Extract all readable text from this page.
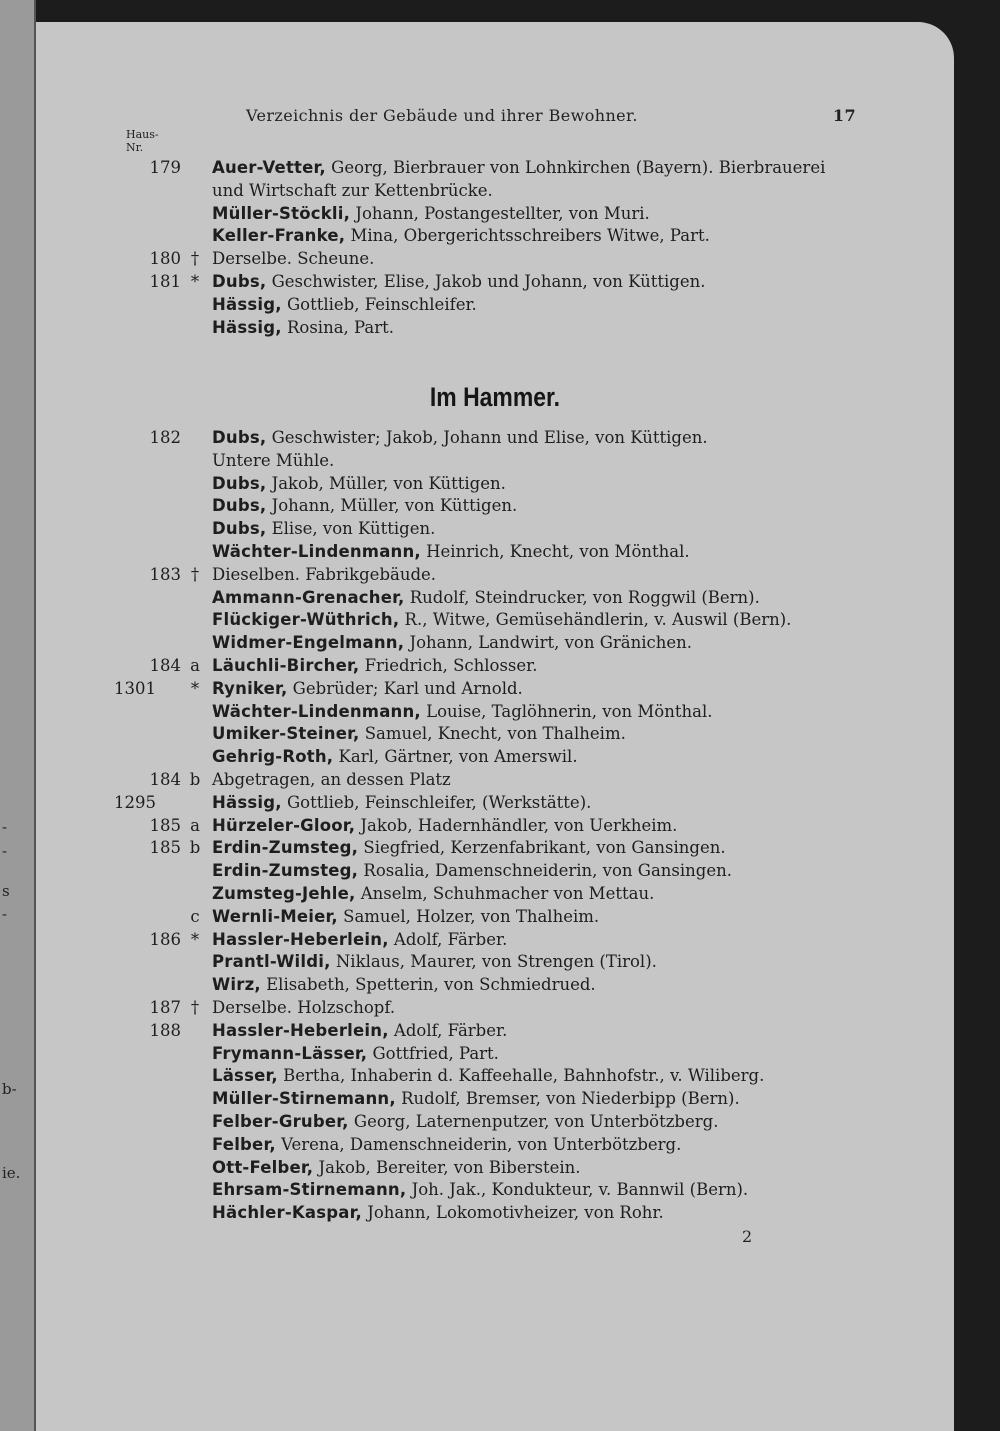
-
-
s
-
b-
ie.
Verzeichnis der Gebäude und ihrer Bewohner.	17
Haus-
Nr.
179 Auer-Vetter, Georg, Bierbrauer von Lohnkirchen (Bayern). Bierbrauerei
und Wirtschaft zur Kettenbrücke.
Müller-Stöckli, Johann, Postangestellter, von Muri.
Keller-Franke, Mina, Obergerichtsschreibers Witwe, Part.
180 † Derselbe. Scheune.
181 * Dubs, Geschwister, Elise, Jakob und Johann, von Küttigen.
Hässig, Gottlieb, Feinschleifer.
Hässig, Rosina, Part.
Im Hammer.
182 Dubs, Geschwister; Jakob, Johann und Elise, von Küttigen.
Untere Mühle.
Dubs, Jakob, Müller, von Küttigen.
Dubs, Johann, Müller, von Küttigen.
Dubs, Elise, von Küttigen.
Wächter-Lindenmann, Heinrich, Knecht, von Mönthal.
183 † Dieselben. Fabrikgebäude.
Ammann-Grenacher, Rudolf, Steindrucker, von Roggwil (Bern).
Flückiger-Wüthrich, R., Witwe, Gemüsehändlerin, v. Auswil (Bern).
Widmer-Engelmann, Johann, Landwirt, von Gränichen.
184 a Läuchli-Bircher, Friedrich, Schlosser.
1301	* Ryniker, Gebrüder; Karl und Arnold.
Wächter-Lindenmann, Louise, Taglöhnerin, von Mönthal.
Umiker-Steiner, Samuel, Knecht, von Thalheim.
Gehrig-Roth, Karl, Gärtner, von Amerswil.
184 b Abgetragen, an dessen Platz
1295	Hässig, Gottlieb, Feinschleifer, (Werkstätte).
185 a Hürzeler-Gloor, Jakob, Hadernhändler, von Uerkheim.
185 b Erdin-Zumsteg, Siegfried, Kerzenfabrikant, von Gansingen.
Erdin-Zumsteg, Rosalia, Damenschneiderin, von Gansingen.
Zumsteg-Jehle, Anselm, Schuhmacher von Mettau.
c Wernli-Meier, Samuel, Holzer, von Thalheim.
186 * Hassler-Heberlein, Adolf, Färber.
Prantl-Wildi, Niklaus, Maurer, von Strengen (Tirol).
Wirz, Elisabeth, Spetterin, von Schmiedrued.
187 † Derselbe. Holzschopf.
188 Hassler-Heberlein, Adolf, Färber.
Frymann-Lässer, Gottfried, Part.
Lässer, Bertha, Inhaberin d. Kaffeehalle, Bahnhofstr., v. Wiliberg.
Müller-Stirnemann, Rudolf, Bremser, von Niederbipp (Bern).
Felber-Gruber, Georg, Laternenputzer, von Unterbötzberg.
Felber, Verena, Damenschneiderin, von Unterbötzberg.
Ott-Felber, Jakob, Bereiter, von Biberstein.
Ehrsam-Stirnemann, Joh. Jak., Kondukteur, v. Bannwil (Bern).
Hächler-Kaspar, Johann, Lokomotivheizer, von Rohr.
2
